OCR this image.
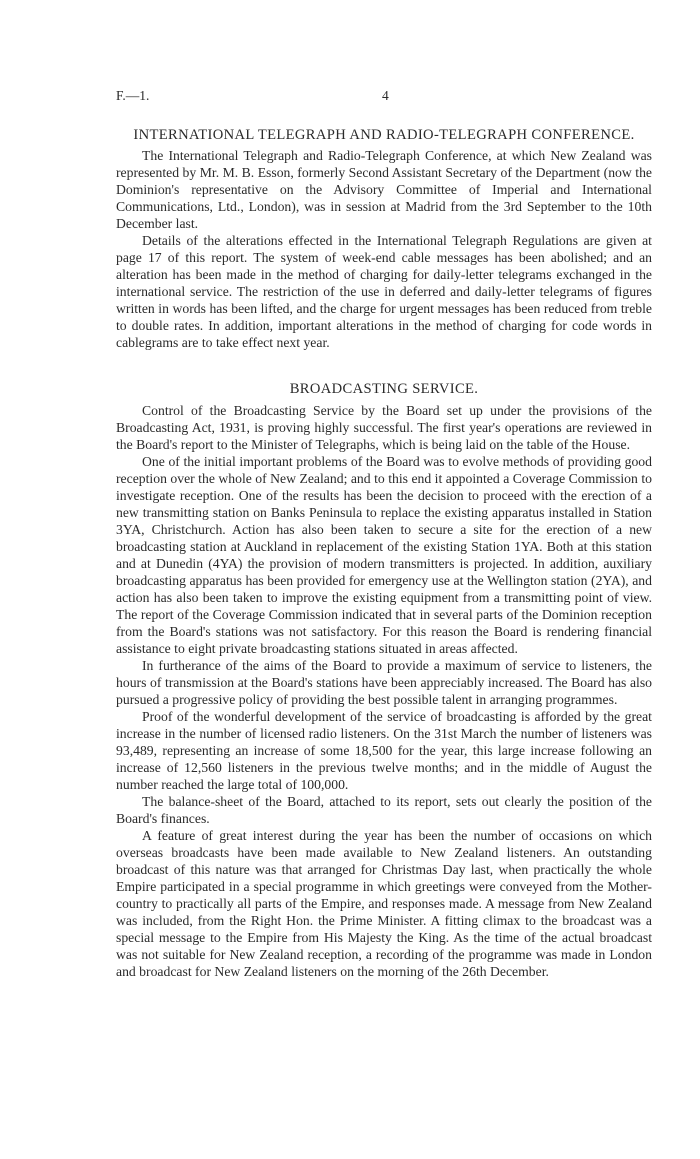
F.—1.	4
INTERNATIONAL TELEGRAPH AND RADIO-TELEGRAPH CONFERENCE.

The International Telegraph and Radio-Telegraph Conference, at which New Zealand was represented by Mr. M. B. Esson, formerly Second Assistant Secretary of the Department (now the Dominion's representative on the Advisory Committee of Imperial and International Communications, Ltd., London), was in session at Madrid from the 3rd September to the 10th December last.

Details of the alterations effected in the International Telegraph Regulations are given at page 17 of this report. The system of week-end cable messages has been abolished; and an alteration has been made in the method of charging for daily-letter telegrams exchanged in the international service. The restriction of the use in deferred and daily-letter telegrams of figures written in words has been lifted, and the charge for urgent messages has been reduced from treble to double rates. In addition, important alterations in the method of charging for code words in cablegrams are to take effect next year.

BROADCASTING SERVICE.

Control of the Broadcasting Service by the Board set up under the provisions of the Broadcasting Act, 1931, is proving highly successful. The first year's operations are reviewed in the Board's report to the Minister of Telegraphs, which is being laid on the table of the House.

One of the initial important problems of the Board was to evolve methods of providing good reception over the whole of New Zealand; and to this end it appointed a Coverage Commission to investigate reception. One of the results has been the decision to proceed with the erection of a new transmitting station on Banks Peninsula to replace the existing apparatus installed in Station 3YA, Christchurch. Action has also been taken to secure a site for the erection of a new broadcasting station at Auckland in replacement of the existing Station 1YA. Both at this station and at Dunedin (4YA) the provision of modern transmitters is projected. In addition, auxiliary broadcasting apparatus has been provided for emergency use at the Wellington station (2YA), and action has also been taken to improve the existing equipment from a transmitting point of view. The report of the Coverage Commission indicated that in several parts of the Dominion reception from the Board's stations was not satisfactory. For this reason the Board is rendering financial assistance to eight private broadcasting stations situated in areas affected.

In furtherance of the aims of the Board to provide a maximum of service to listeners, the hours of transmission at the Board's stations have been appreciably increased. The Board has also pursued a progressive policy of providing the best possible talent in arranging programmes.

Proof of the wonderful development of the service of broadcasting is afforded by the great increase in the number of licensed radio listeners. On the 31st March the number of listeners was 93,489, representing an increase of some 18,500 for the year, this large increase following an increase of 12,560 listeners in the previous twelve months; and in the middle of August the number reached the large total of 100,000.

The balance-sheet of the Board, attached to its report, sets out clearly the position of the Board's finances.

A feature of great interest during the year has been the number of occasions on which overseas broadcasts have been made available to New Zealand listeners. An outstanding broadcast of this nature was that arranged for Christmas Day last, when practically the whole Empire participated in a special programme in which greetings were conveyed from the Mother-country to practically all parts of the Empire, and responses made. A message from New Zealand was included, from the Right Hon. the Prime Minister. A fitting climax to the broadcast was a special message to the Empire from His Majesty the King. As the time of the actual broadcast was not suitable for New Zealand reception, a recording of the programme was made in London and broadcast for New Zealand listeners on the morning of the 26th December.
